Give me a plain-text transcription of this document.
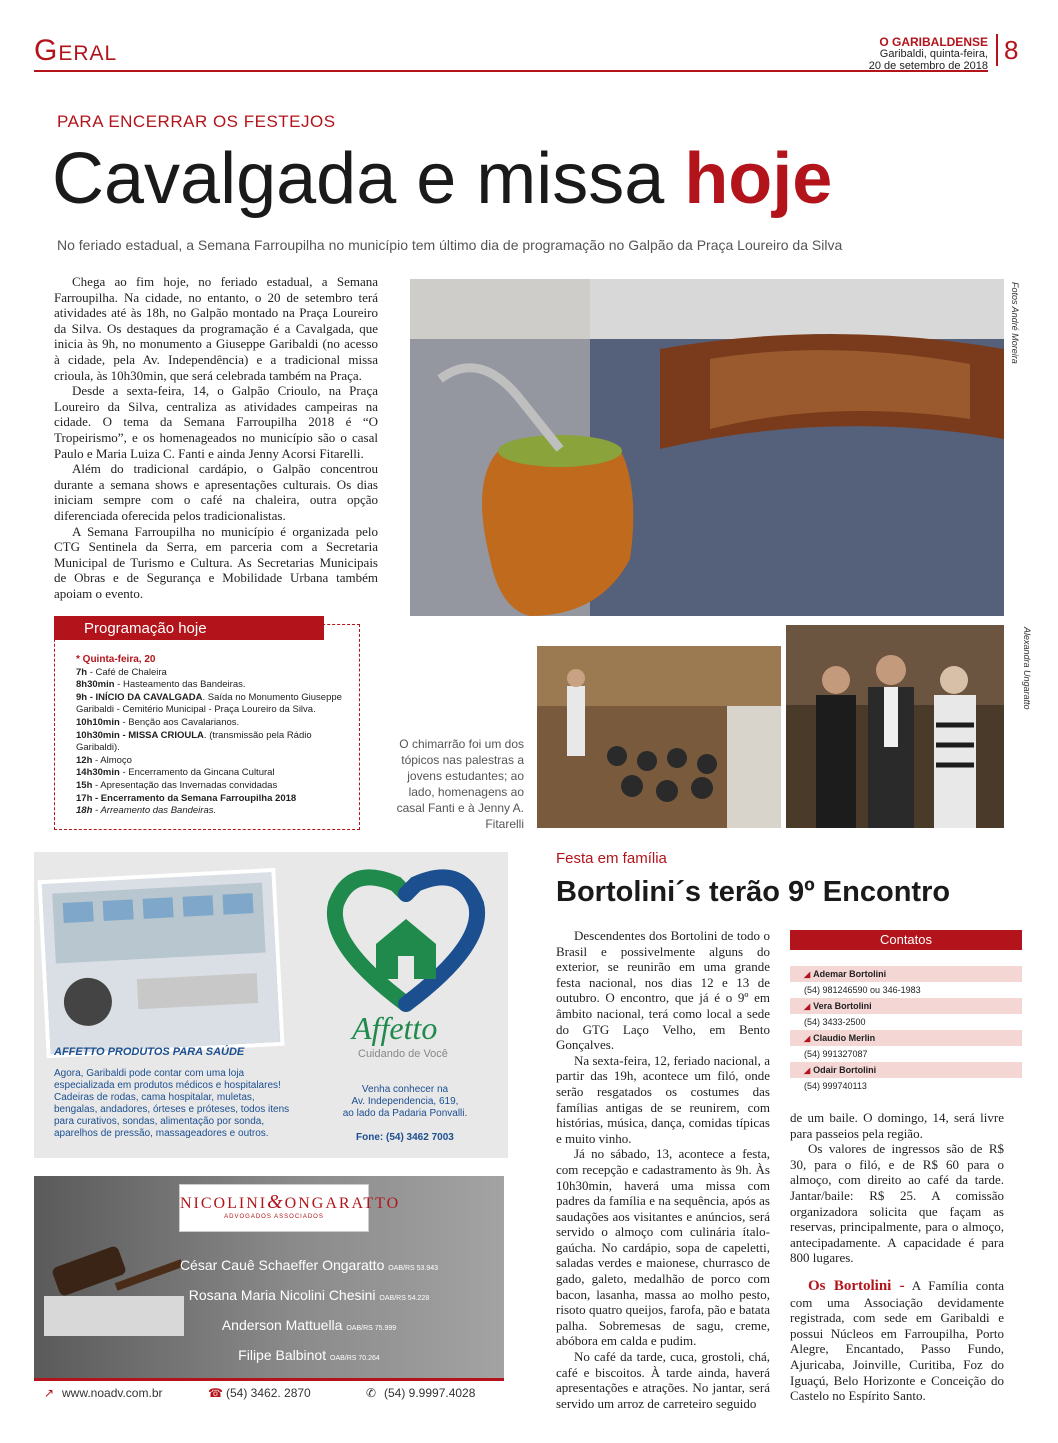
Geral	O GARIBALDENSE
Garibaldi, quinta-feira,
20 de setembro de 2018
8
PARA ENCERRAR OS FESTEJOS
Cavalgada e missa hoje
No feriado estadual, a Semana Farroupilha no município tem último dia de programação no Galpão da Praça Loureiro da Silva

Chega ao fim hoje, no feriado estadual, a Semana Farroupilha. Na cidade, no entanto, o 20 de setembro terá atividades até às 18h, no Galpão montado na Praça Loureiro da Silva. Os destaques da programação é a Cavalgada, que inicia às 9h, no monumento a Giuseppe Garibaldi (no acesso à cidade, pela Av. Independência) e a tradicional missa crioula, às 10h30min, que será celebrada também na Praça.

Desde a sexta-feira, 14, o Galpão Crioulo, na Praça Loureiro da Silva, centraliza as atividades campeiras na cidade. O tema da Semana Farroupilha 2018 é “O Tropeirismo”, e os homenageados no município são o casal Paulo e Maria Luiza C. Fanti e ainda Jenny Acorsi Fitarelli.

Além do tradicional cardápio, o Galpão concentrou durante a semana shows e apresentações culturais. Os dias iniciam sempre com o café na chaleira, outra opção diferenciada oferecida pelos tradicionalistas.

A Semana Farroupilha no município é organizada pelo CTG Sentinela da Serra, em parceria com a Secretaria Municipal de Turismo e Cultura. As Secretarias Municipais de Obras e de Segurança e Mobilidade Urbana também apoiam o evento.

Programação hoje
* Quinta-feira, 20
7h - Café de Chaleira
8h30min - Hasteamento das Bandeiras.
9h - INÍCIO DA CAVALGADA. Saída no Monumento Giuseppe Garibaldi - Cemitério Municipal - Praça Loureiro da Silva.
10h10min - Benção aos Cavalarianos.
10h30min - MISSA CRIOULA. (transmissão pela Rádio Garibaldi).
12h - Almoço
14h30min - Encerramento da Gincana Cultural
15h - Apresentação das Invernadas convidadas
17h - Encerramento da Semana Farroupilha 2018
18h - Arreamento das Bandeiras.
Fotos André Moreira
Alexandra Ungaratto
O chimarrão foi um dos tópicos nas palestras a jovens estudantes; ao lado, homenagens ao casal Fanti e à Jenny A. Fitarelli
AFFETTO PRODUTOS PARA SAÚDE
Agora, Garibaldi pode contar com uma loja especializada em produtos médicos e hospitalares! Cadeiras de rodas, cama hospitalar, muletas, bengalas, andadores, órteses e próteses, todos itens para curativos, sondas, alimentação por sonda, aparelhos de pressão, massageadores e outros.
Affetto
Cuidando de Você
Venha conhecer na
Av. Independencia, 619,
ao lado da Padaria Ponvalli.
Fone: (54) 3462 7003
NICOLINI&ONGARATTO
ADVOGADOS ASSOCIADOS
César Cauê Schaeffer Ongaratto OAB/RS 53.943
Rosana Maria Nicolini Chesini OAB/RS 54.228
Anderson Mattuella OAB/RS 75.999
Filipe Balbinot OAB/RS 70.264
↗ www.noadv.com.br	☎ (54) 3462. 2870	✆ (54) 9.9997.4028
Festa em família
Bortolini´s terão 9º Encontro

Descendentes dos Bortolini de todo o Brasil e possivelmente alguns do exterior, se reunirão em uma grande festa nacional, nos dias 12 e 13 de outubro. O encontro, que já é o 9º em âmbito nacional, terá como local a sede do GTG Laço Velho, em Bento Gonçalves.

Na sexta-feira, 12, feriado nacional, a partir das 19h, acontece um filó, onde serão resgatados os costumes das famílias antigas de se reunirem, com histórias, música, dança, comidas típicas e muito vinho.

Já no sábado, 13, acontece a festa, com recepção e cadastramento às 9h. Às 10h30min, haverá uma missa com padres da família e na sequência, após as saudações aos visitantes e anúncios, será servido o almoço com culinária ítalo-gaúcha. No cardápio, sopa de capeletti, saladas verdes e maionese, churrasco de gado, galeto, medalhão de porco com bacon, lasanha, massa ao molho pesto, risoto quatro queijos, farofa, pão e batata palha. Sobremesas de sagu, creme, abóbora em calda e pudim.

No café da tarde, cuca, grostoli, chá, café e biscoitos. À tarde ainda, haverá apresentações e atrações. No jantar, será servido um arroz de carreteiro seguido

Contatos
◢ Ademar Bortolini
(54) 981246590 ou 346-1983
◢ Vera Bortolini
(54) 3433-2500
◢ Claudio Merlin
(54) 991327087
◢ Odair Bortolini
(54) 999740113

de um baile. O domingo, 14, será livre para passeios pela região.

Os valores de ingressos são de R$ 30, para o filó, e de R$ 60 para o almoço, com direito ao café da tarde. Jantar/baile: R$ 25. A comissão organizadora solicita que façam as reservas, principalmente, para o almoço, antecipadamente. A capacidade é para 800 lugares.

Os Bortolini - A Família conta com uma Associação devidamente registrada, com sede em Garibaldi e possui Núcleos em Farroupilha, Porto Alegre, Encantado, Passo Fundo, Ajuricaba, Joinville, Curitiba, Foz do Iguaçú, Belo Horizonte e Conceição do Castelo no Espírito Santo.
